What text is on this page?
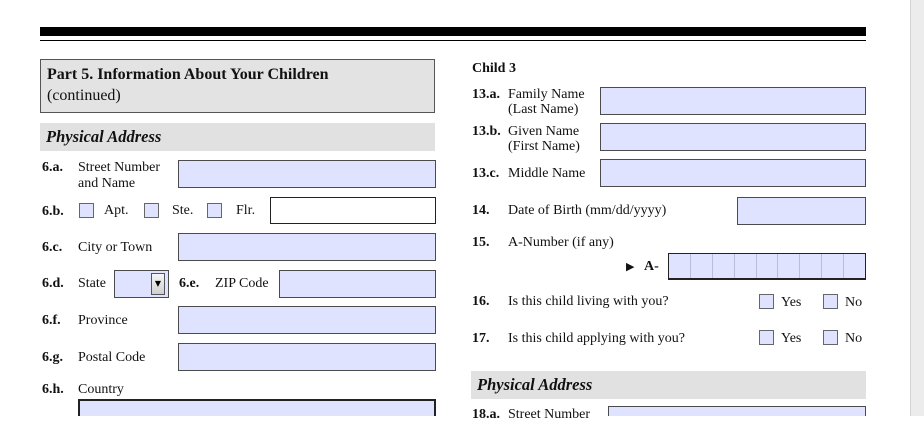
Part 5. Information About Your Children
(continued)
Physical Address
6.a. Street Number
and Name
6.b.	Apt.	Ste.	Flr.
6.c. City or Town
6.d. State	▼ 6.e. ZIP Code
6.f. Province
6.g. Postal Code
6.h. Country
Child 3
13.a. Family Name
(Last Name)
13.b. Given Name
(First Name)
13.c. Middle Name
14. Date of Birth (mm/dd/yyyy)
15. A-Number (if any)
▶ A-
16. Is this child living with you?	Yes	No
17. Is this child applying with you?	Yes	No
Physical Address
18.a. Street Number
